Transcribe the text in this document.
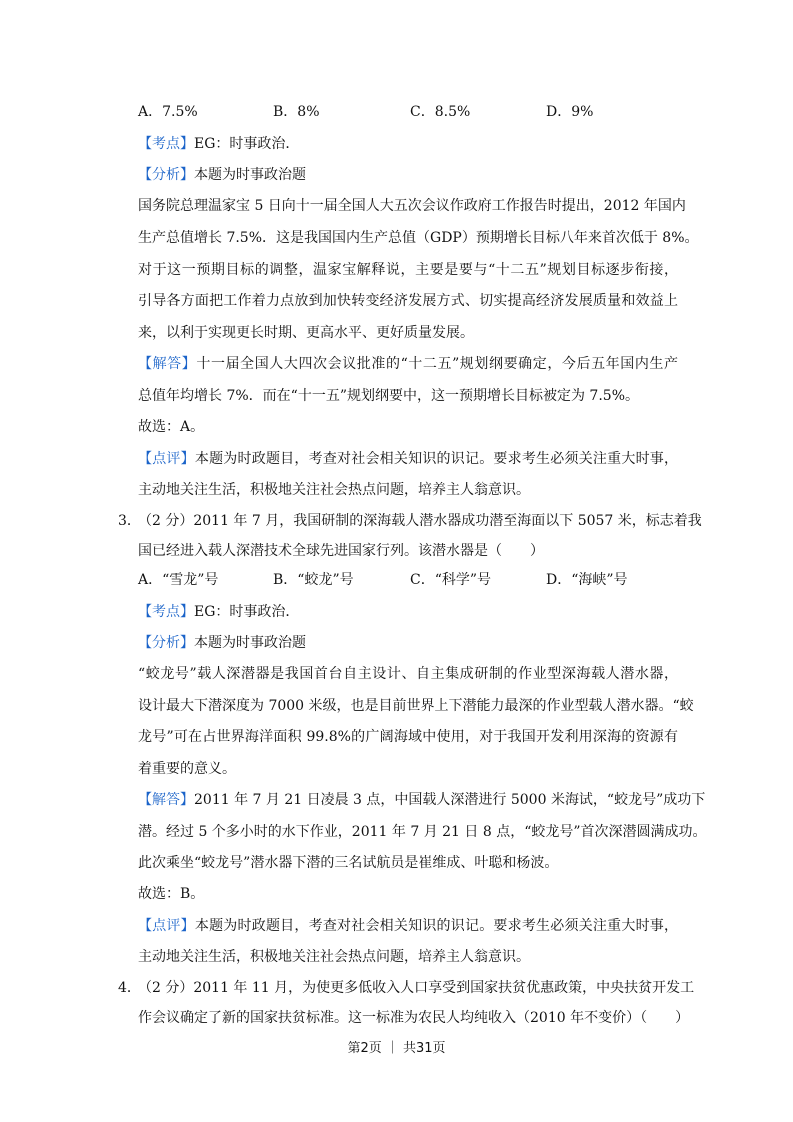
A．7.5%	B．8%	C．8.5%	D．9%
【考点】EG：时事政治．
【分析】本题为时事政治题
国务院总理温家宝 5 日向十一届全国人大五次会议作政府工作报告时提出，2012 年国内
生产总值增长 7.5%．这是我国国内生产总值（GDP）预期增长目标八年来首次低于 8%。
对于这一预期目标的调整，温家宝解释说，主要是要与“十二五”规划目标逐步衔接，
引导各方面把工作着力点放到加快转变经济发展方式、切实提高经济发展质量和效益上
来，以利于实现更长时期、更高水平、更好质量发展。
【解答】十一届全国人大四次会议批准的“十二五”规划纲要确定，今后五年国内生产
总值年均增长 7%．而在“十一五”规划纲要中，这一预期增长目标被定为 7.5%。
故选：A。
【点评】本题为时政题目，考查对社会相关知识的识记。要求考生必须关注重大时事，
主动地关注生活，积极地关注社会热点问题，培养主人翁意识。
3．
（2 分）2011 年 7 月，我国研制的深海载人潜水器成功潜至海面以下 5057 米，标志着我
国已经进入载人深潜技术全球先进国家行列。该潜水器是（　　）
A．“雪龙”号	B．“蛟龙”号	C．“科学”号	D．“海峡”号
【考点】EG：时事政治．
【分析】本题为时事政治题
“蛟龙号”载人深潜器是我国首台自主设计、自主集成研制的作业型深海载人潜水器，
设计最大下潜深度为 7000 米级，也是目前世界上下潜能力最深的作业型载人潜水器。“蛟
龙号”可在占世界海洋面积 99.8%的广阔海域中使用，对于我国开发利用深海的资源有
着重要的意义。
【解答】2011 年 7 月 21 日凌晨 3 点，中国载人深潜进行 5000 米海试，“蛟龙号”成功下
潜。经过 5 个多小时的水下作业，2011 年 7 月 21 日 8 点，“蛟龙号”首次深潜圆满成功。
此次乘坐“蛟龙号”潜水器下潜的三名试航员是崔维成、叶聪和杨波。
故选：B。
【点评】本题为时政题目，考查对社会相关知识的识记。要求考生必须关注重大时事，
主动地关注生活，积极地关注社会热点问题，培养主人翁意识。
4．
（2 分）2011 年 11 月，为使更多低收入人口享受到国家扶贫优惠政策，中央扶贫开发工
作会议确定了新的国家扶贫标准。这一标准为农民人均纯收入（2010 年不变价）（　　）
第2页 ｜ 共31页
